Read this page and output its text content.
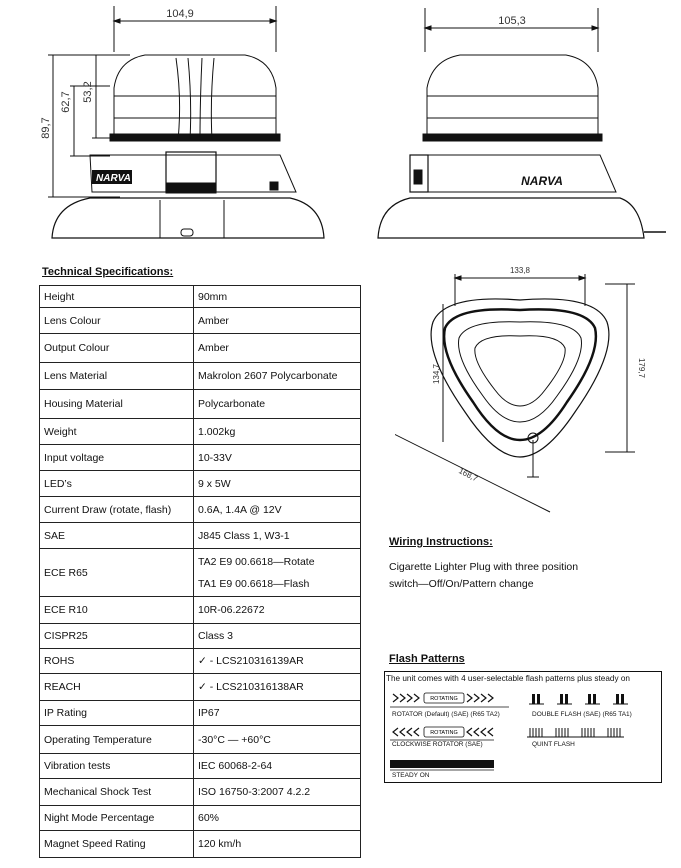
NARVA
104,9
89,7
62,7 53,2
NARVA
105,3
133,8
134,7	179,7
168,7
Technical Specifications:
Height	90mm
Lens Colour	Amber
Output Colour	Amber
Lens Material	Makrolon 2607 Polycarbonate
Housing Material	Polycarbonate
Weight	1.002kg
Input voltage	10-33V
LED’s	9 x 5W
Current Draw (rotate, flash)	0.6A, 1.4A @ 12V
SAE	J845 Class 1, W3-1
ECE R65	TA2 E9 00.6618—Rotate
TA1 E9 00.6618—Flash

ECE R10	10R-06.22672
CISPR25	Class 3
ROHS	✓ - LCS210316139AR
REACH	✓ - LCS210316138AR
IP Rating	IP67
Operating Temperature	-30°C — +60°C
Vibration tests	IEC 60068-2-64
Mechanical Shock Test	ISO 16750-3:2007 4.2.2
Night Mode Percentage	60%
Magnet Speed Rating	120 km/h
Wiring Instructions:
Cigarette Lighter Plug with three position
switch—Off/On/Pattern change
Flash Patterns
The unit comes with 4 user-selectable flash patterns plus steady on
ROTATING
ROTATING
ROTATOR (Default) (SAE) (R65 TA2)	DOUBLE FLASH (SAE) (R65 TA1)
CLOCKWISE ROTATOR (SAE)	QUINT FLASH
STEADY ON
